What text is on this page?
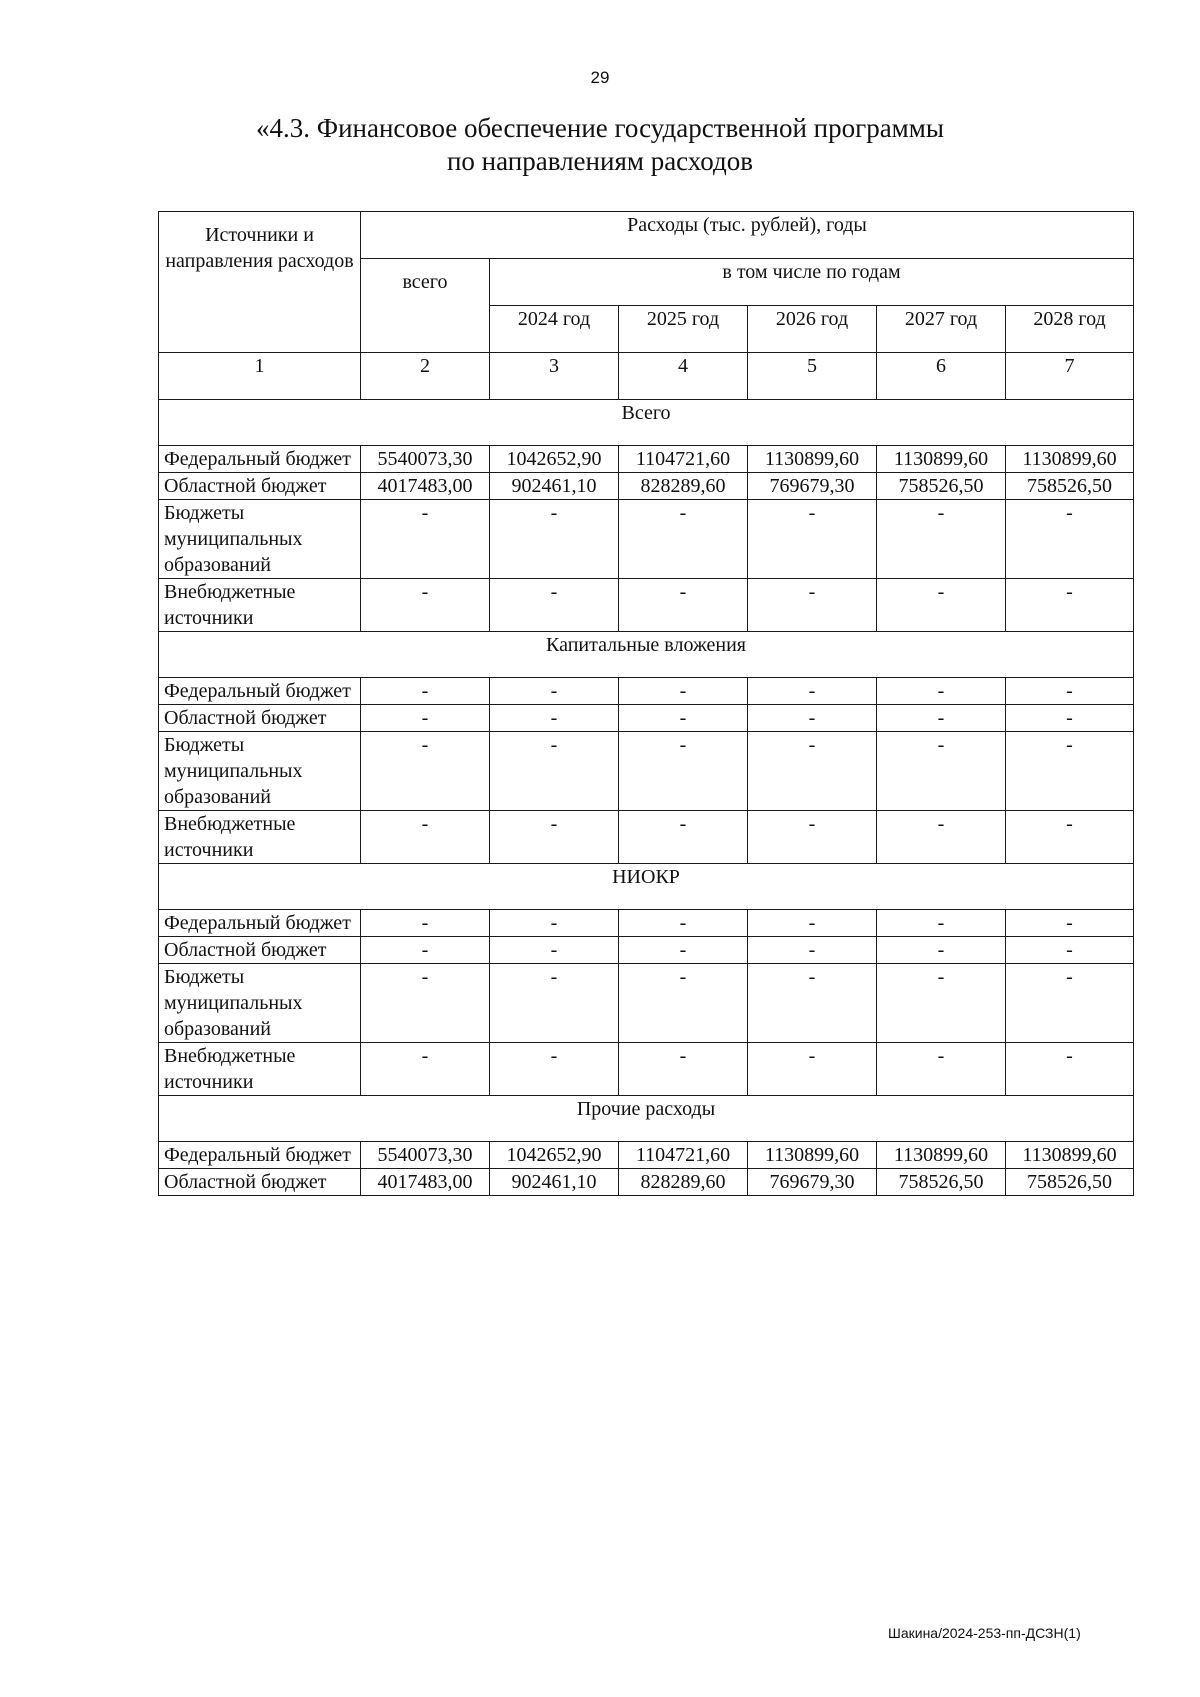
29
«4.3. Финансовое обеспечение государственной программы
по направлениям расходов
Источники и направления расходов	Расходы (тыс. рублей), годы					
	всего	в том числе по годам				
		2024 год	2025 год	2026 год	2027 год	2028 год
1	2	3	4	5	6	7
Всего						
Федеральный бюджет	5540073,30	1042652,90	1104721,60	1130899,60	1130899,60	1130899,60
Областной бюджет	4017483,00	902461,10	828289,60	769679,30	758526,50	758526,50
Бюджеты муниципальных образований	-	-	-	-	-	-
Внебюджетные источники	-	-	-	-	-	-
Капитальные вложения						
Федеральный бюджет	-	-	-	-	-	-
Областной бюджет	-	-	-	-	-	-
Бюджеты муниципальных образований	-	-	-	-	-	-
Внебюджетные источники	-	-	-	-	-	-
НИОКР						
Федеральный бюджет	-	-	-	-	-	-
Областной бюджет	-	-	-	-	-	-
Бюджеты муниципальных образований	-	-	-	-	-	-
Внебюджетные источники	-	-	-	-	-	-
Прочие расходы						
Федеральный бюджет	5540073,30	1042652,90	1104721,60	1130899,60	1130899,60	1130899,60
Областной бюджет	4017483,00	902461,10	828289,60	769679,30	758526,50	758526,50
Шакина/2024-253-пп-ДСЗН(1)
